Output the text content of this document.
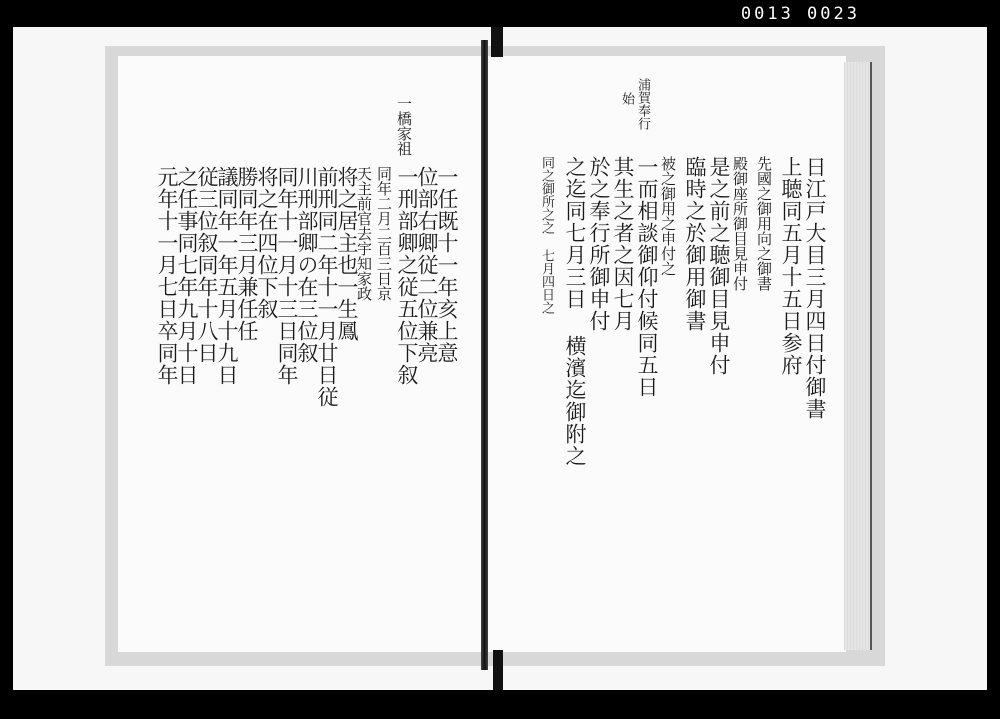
0013 0023
一橋家祖
一任既十一年亥上意
位部右卿従二位兼亮
一刑部卿之従五位下叙
同年二月二百三日京
天主前官去宇知家政
将之居主也一生鳳
前刑同二年十一月廿日従
川刑部卿の在三位叙
同年十一月十三日同年
将之在四位下叙
勝同年三月兼任任
議同年一年五月十九日
従三位叙同年十八日
之任事同七年九月十日
元年十一月七日卒同年
浦賀奉行
始
日江戸大目三月四日付御書
上聴同五月十五日参府
先國之御用向之御書
殿御座所御目見申付
是之前之聴御目見申付
臨時之於御用御書
被之御用之申付之
一而相談御仰付候同五日
其生之者之因七月
於之奉行所御申付
之迄同七月三日 横濱迄御附之
同之御所之之 七月四日之
